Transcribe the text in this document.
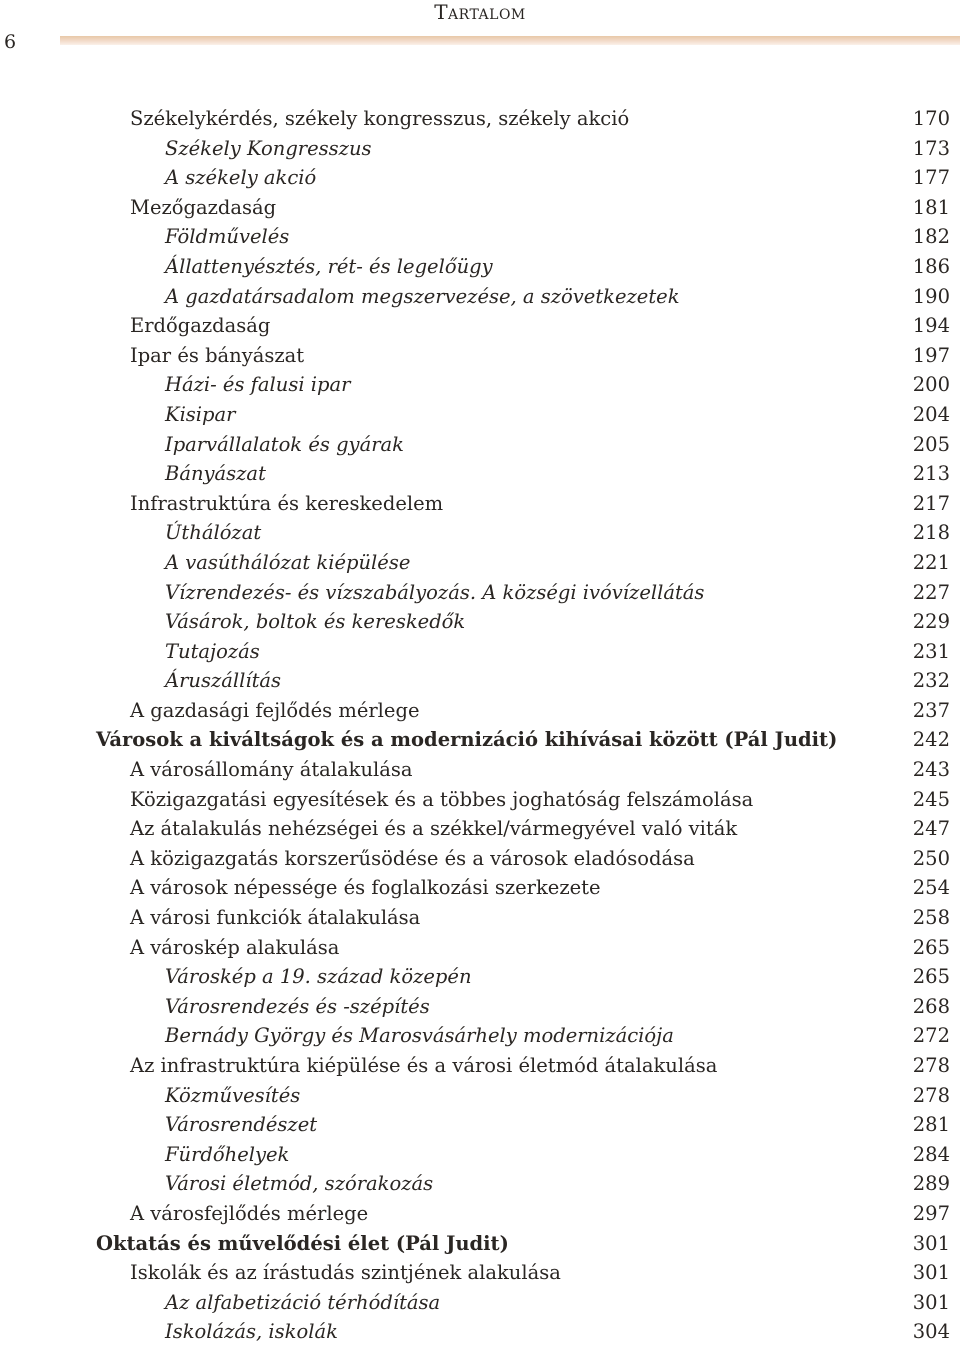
6
Tartalom
Székelykérdés, székely kongresszus, székely akció	170
Székely Kongresszus	173
A székely akció	177
Mezőgazdaság	181
Földművelés	182
Állattenyésztés, rét- és legelőügy	186
A gazdatársadalom megszervezése, a szövetkezetek	190
Erdőgazdaság	194
Ipar és bányászat	197
Házi- és falusi ipar	200
Kisipar	204
Iparvállalatok és gyárak	205
Bányászat	213
Infrastruktúra és kereskedelem	217
Úthálózat	218
A vasúthálózat kiépülése	221
Vízrendezés- és vízszabályozás. A községi ivóvízellátás	227
Vásárok, boltok és kereskedők	229
Tutajozás	231
Áruszállítás	232
A gazdasági fejlődés mérlege	237
Városok a kiváltságok és a modernizáció kihívásai között (Pál Judit)	242
A városállomány átalakulása	243
Közigazgatási egyesítések és a többes joghatóság felszámolása	245
Az átalakulás nehézségei és a székkel/vármegyével való viták	247
A közigazgatás korszerűsödése és a városok eladósodása	250
A városok népessége és foglalkozási szerkezete	254
A városi funkciók átalakulása	258
A városkép alakulása	265
Városkép a 19. század közepén	265
Városrendezés és -szépítés	268
Bernády György és Marosvásárhely modernizációja	272
Az infrastruktúra kiépülése és a városi életmód átalakulása	278
Közművesítés	278
Városrendészet	281
Fürdőhelyek	284
Városi életmód, szórakozás	289
A városfejlődés mérlege	297
Oktatás és művelődési élet (Pál Judit)	301
Iskolák és az írástudás szintjének alakulása	301
Az alfabetizáció térhódítása	301
Iskolázás, iskolák	304
